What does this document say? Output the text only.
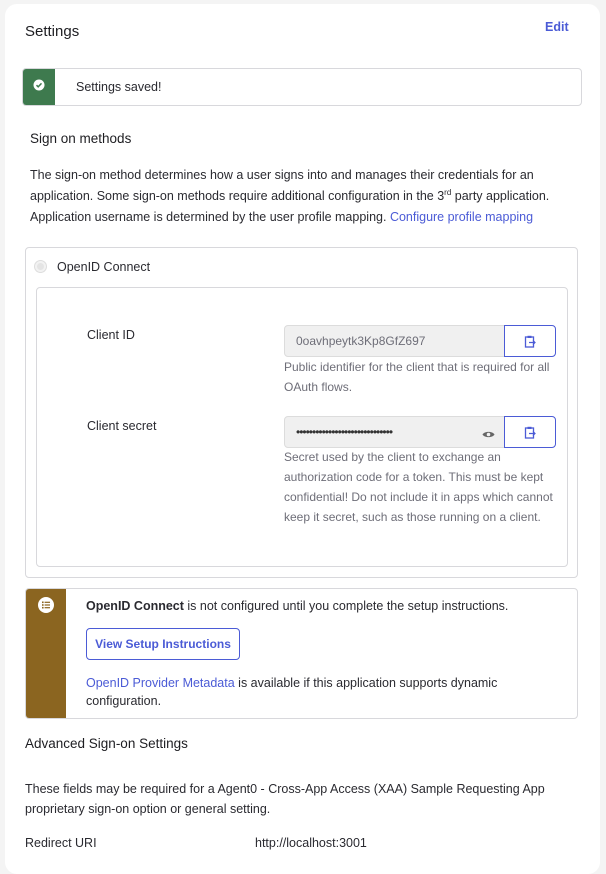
Settings	Edit
Settings saved!
Sign on methods
The sign-on method determines how a user signs into and manages their credentials for an application. Some sign-on methods require additional configuration in the 3rd party application.
Application username is determined by the user profile mapping. Configure profile mapping
OpenID Connect
Client ID	0oavhpeytk3Kp8GfZ697
Public identifier for the client that is required for all OAuth flows.
Client secret	••••••••••••••••••••••••••••••
Secret used by the client to exchange an authorization code for a token. This must be kept confidential! Do not include it in apps which cannot keep it secret, such as those running on a client.
OpenID Connect is not configured until you complete the setup instructions.
View Setup Instructions
OpenID Provider Metadata is available if this application supports dynamic configuration.
Advanced Sign-on Settings
These fields may be required for a Agent0 - Cross-App Access (XAA) Sample Requesting App proprietary sign-on option or general setting.
Redirect URI	http://localhost:3001
